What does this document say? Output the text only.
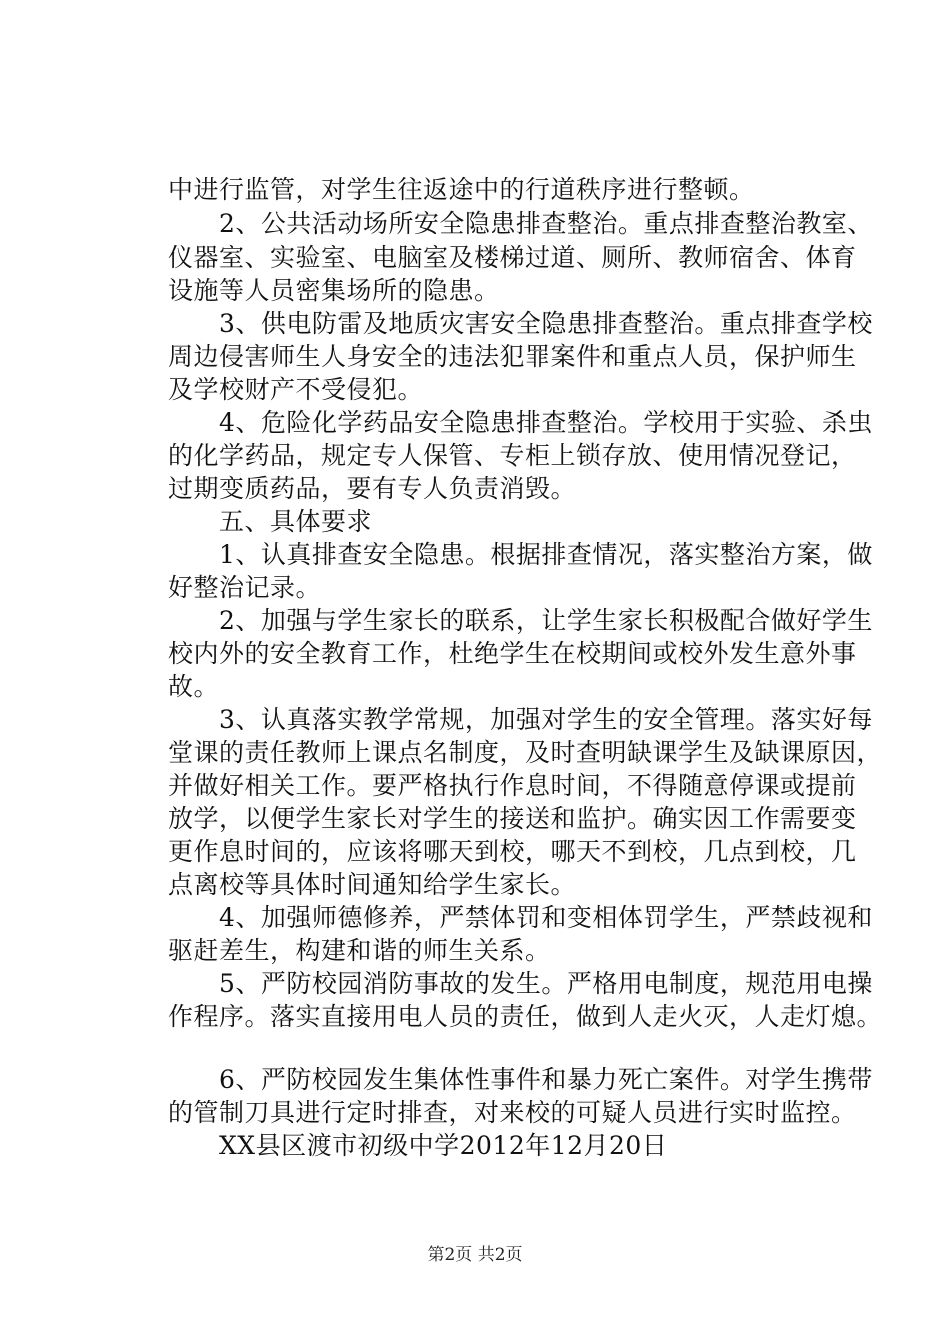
中进行监管，对学生往返途中的行道秩序进行整顿。
2、公共活动场所安全隐患排查整治。重点排查整治教室、
仪器室、实验室、电脑室及楼梯过道、厕所、教师宿舍、体育
设施等人员密集场所的隐患。
3、供电防雷及地质灾害安全隐患排查整治。重点排查学校
周边侵害师生人身安全的违法犯罪案件和重点人员，保护师生
及学校财产不受侵犯。
4、危险化学药品安全隐患排查整治。学校用于实验、杀虫
的化学药品，规定专人保管、专柜上锁存放、使用情况登记，
过期变质药品，要有专人负责消毁。
五、具体要求
1、认真排查安全隐患。根据排查情况，落实整治方案，做
好整治记录。
2、加强与学生家长的联系，让学生家长积极配合做好学生
校内外的安全教育工作，杜绝学生在校期间或校外发生意外事
故。
3、认真落实教学常规，加强对学生的安全管理。落实好每
堂课的责任教师上课点名制度，及时查明缺课学生及缺课原因，
并做好相关工作。要严格执行作息时间，不得随意停课或提前
放学，以便学生家长对学生的接送和监护。确实因工作需要变
更作息时间的，应该将哪天到校，哪天不到校，几点到校，几
点离校等具体时间通知给学生家长。
4、加强师德修养，严禁体罚和变相体罚学生，严禁歧视和
驱赶差生，构建和谐的师生关系。
5、严防校园消防事故的发生。严格用电制度，规范用电操
作程序。落实直接用电人员的责任，做到人走火灭，人走灯熄。
6、严防校园发生集体性事件和暴力死亡案件。对学生携带
的管制刀具进行定时排查，对来校的可疑人员进行实时监控。
XX县区渡市初级中学2012年12月20日
第2页 共2页
